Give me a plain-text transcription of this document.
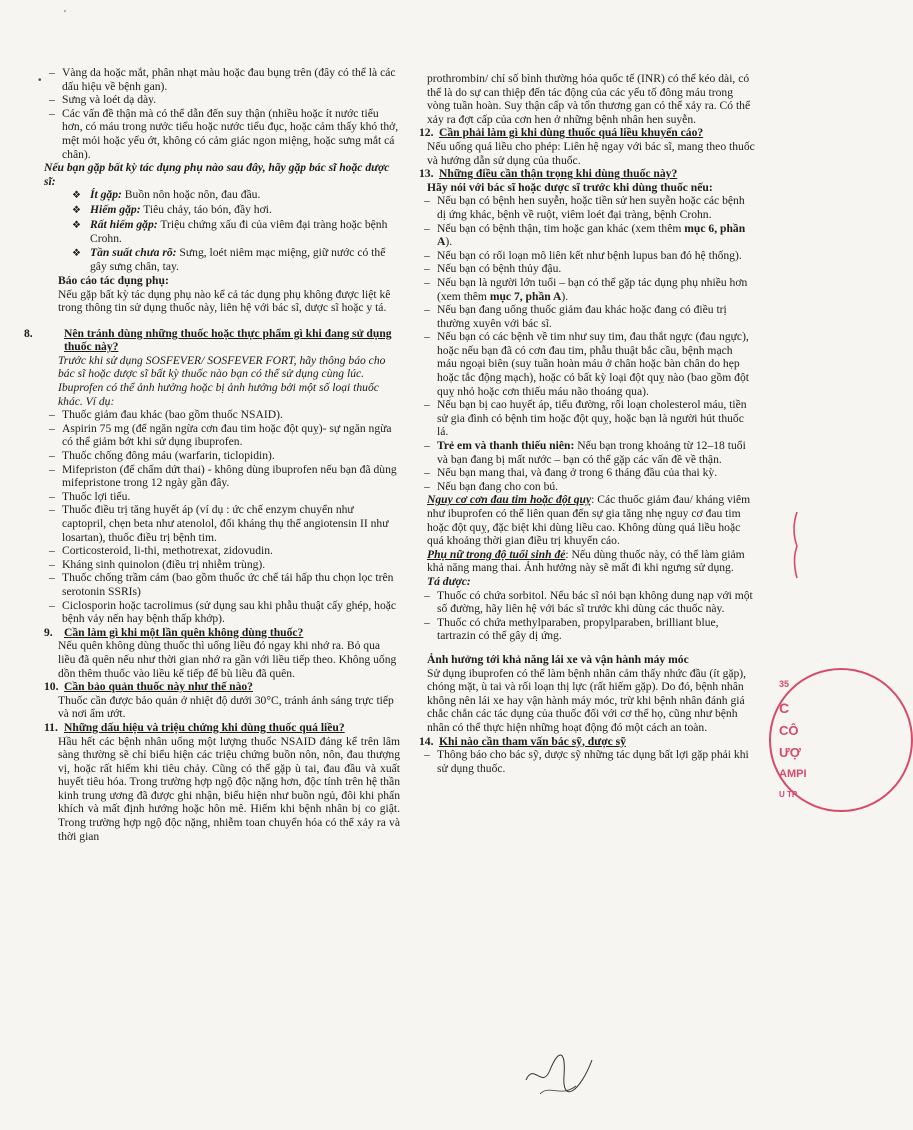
•
'

– Vàng da hoặc mắt, phân nhạt màu hoặc đau bụng trên (đây có thể là các dấu hiệu về bệnh gan).

– Sưng và loét dạ dày.

– Các vấn đề thận mà có thể dẫn đến suy thận (nhiều hoặc ít nước tiểu hơn, có máu trong nước tiểu hoặc nước tiểu đục, hoặc cảm thấy khó thở, mệt mỏi hoặc yếu ớt, không có cảm giác ngon miệng, hoặc sưng mắt cá chân).

Nếu bạn gặp bất kỳ tác dụng phụ nào sau đây, hãy gặp bác sĩ hoặc dược sĩ:

❖ Ít gặp: Buồn nôn hoặc nôn, đau đầu.

❖ Hiếm gặp: Tiêu chảy, táo bón, đầy hơi.

❖ Rất hiếm gặp: Triệu chứng xấu đi của viêm đại tràng hoặc bệnh Crohn.

❖ Tần suất chưa rõ: Sưng, loét niêm mạc miệng, giữ nước có thể gây sưng chân, tay.

Báo cáo tác dụng phụ:

Nếu gặp bất kỳ tác dụng phụ nào kể cả tác dụng phụ không được liệt kê trong thông tin sử dụng thuốc này, liên hệ với bác sĩ, dược sĩ hoặc y tá.

8.	Nên tránh dùng những thuốc hoặc thực phẩm gì khi đang sử dụng thuốc này?

Trước khi sử dụng SOSFEVER/ SOSFEVER FORT, hãy thông báo cho bác sĩ hoặc dược sĩ bất kỳ thuốc nào bạn có thể sử dụng cùng lúc. Ibuprofen có thể ảnh hưởng hoặc bị ảnh hưởng bởi một số loại thuốc khác. Ví dụ:

– Thuốc giảm đau khác (bao gồm thuốc NSAID).

– Aspirin 75 mg (để ngăn ngừa cơn đau tim hoặc đột quỵ)- sự ngăn ngừa có thể giảm bớt khi sử dụng ibuprofen.

– Thuốc chống đông máu (warfarin, ticlopidin).

– Mifepriston (để chấm dứt thai) - không dùng ibuprofen nếu bạn đã dùng mifepristone trong 12 ngày gần đây.

– Thuốc lợi tiểu.

– Thuốc điều trị tăng huyết áp (ví dụ : ức chế enzym chuyển như captopril, chẹn beta như atenolol, đối kháng thụ thể angiotensin II như losartan), thuốc điều trị bệnh tim.

– Corticosteroid, li-thi, methotrexat, zidovudin.

– Kháng sinh quinolon (điều trị nhiễm trùng).

– Thuốc chống trầm cảm (bao gồm thuốc ức chế tái hấp thu chọn lọc trên serotonin SSRIs)

– Ciclosporin hoặc tacrolimus (sử dụng sau khi phẫu thuật cấy ghép, hoặc bệnh vảy nến hay bệnh thấp khớp).

9. Cần làm gì khi một lần quên không dùng thuốc?

Nếu quên không dùng thuốc thì uống liều đó ngay khi nhớ ra. Bỏ qua liều đã quên nếu như thời gian nhớ ra gần với liều tiếp theo. Không uống dồn thêm thuốc vào liều kế tiếp để bù liều đã quên.

10. Cần bảo quản thuốc này như thế nào?

Thuốc cần được bảo quản ở nhiệt độ dưới 30°C, tránh ánh sáng trực tiếp và nơi ẩm ướt.

11. Những dấu hiệu và triệu chứng khi dùng thuốc quá liều?

Hầu hết các bệnh nhân uống một lượng thuốc NSAID đáng kể trên lâm sàng thường sẽ chỉ biểu hiện các triệu chứng buồn nôn, nôn, đau thượng vị, hoặc rất hiếm khi tiêu chảy. Cũng có thể gặp ù tai, đau đầu và xuất huyết tiêu hóa. Trong trường hợp ngộ độc nặng hơn, độc tính trên hệ thần kinh trung ương đã được ghi nhận, biểu hiện như buồn ngủ, đôi khi phấn khích và mất định hướng hoặc hôn mê. Hiếm khi bệnh nhân bị co giật. Trong trường hợp ngộ độc nặng, nhiễm toan chuyển hóa có thể xảy ra và thời gian

prothrombin/ chỉ số bình thường hóa quốc tế (INR) có thể kéo dài, có thể là do sự can thiệp đến tác động của các yếu tố đông máu trong vòng tuần hoàn. Suy thận cấp và tổn thương gan có thể xảy ra. Có thể xảy ra đợt cấp của cơn hen ở những bệnh nhân hen suyễn.

12. Cần phải làm gì khi dùng thuốc quá liều khuyến cáo?

Nếu uống quá liều cho phép: Liên hệ ngay với bác sĩ, mang theo thuốc và hướng dẫn sử dụng của thuốc.

13. Những điều cần thận trọng khi dùng thuốc này?

Hãy nói với bác sĩ hoặc dược sĩ trước khi dùng thuốc nếu:

– Nếu bạn có bệnh hen suyễn, hoặc tiền sử hen suyễn hoặc các bệnh dị ứng khác, bệnh về ruột, viêm loét đại tràng, bệnh Crohn.

– Nếu bạn có bệnh thận, tim hoặc gan khác (xem thêm mục 6, phần A).

– Nếu bạn có rối loạn mô liên kết như bệnh lupus ban đỏ hệ thống).

– Nếu bạn có bệnh thủy đậu.

– Nếu bạn là người lớn tuổi – bạn có thể gặp tác dụng phụ nhiều hơn (xem thêm mục 7, phần A).

– Nếu bạn đang uống thuốc giảm đau khác hoặc đang có điều trị thường xuyên với bác sĩ.

– Nếu bạn có các bệnh về tim như suy tim, đau thắt ngực (đau ngực), hoặc nếu bạn đã có cơn đau tim, phẫu thuật bắc cầu, bệnh mạch máu ngoại biên (suy tuần hoàn máu ở chân hoặc bàn chân do hẹp hoặc tắc động mạch), hoặc có bất kỳ loại đột quỵ nào (bao gồm đột quỵ nhỏ hoặc cơn thiếu máu não thoáng qua).

– Nếu bạn bị cao huyết áp, tiểu đường, rối loạn cholesterol máu, tiền sử gia đình có bệnh tim hoặc đột quỵ, hoặc bạn là người hút thuốc lá.

– Trẻ em và thanh thiếu niên: Nếu bạn trong khoảng từ 12–18 tuổi và bạn đang bị mất nước – bạn có thể gặp các vấn đề về thận.

– Nếu bạn mang thai, và đang ở trong 6 tháng đầu của thai kỳ.

– Nếu bạn đang cho con bú.

Nguy cơ cơn đau tim hoặc đột quỵ: Các thuốc giảm đau/ kháng viêm như ibuprofen có thể liên quan đến sự gia tăng nhẹ nguy cơ đau tim hoặc đột quỵ, đặc biệt khi dùng liều cao. Không dùng quá liều hoặc quá khoảng thời gian điều trị khuyến cáo.

Phụ nữ trong độ tuổi sinh đẻ: Nếu dùng thuốc này, có thể làm giảm khả năng mang thai. Ảnh hưởng này sẽ mất đi khi ngưng sử dụng.

Tá dược:

– Thuốc có chứa sorbitol. Nếu bác sĩ nói bạn không dung nạp với một số đường, hãy liên hệ với bác sĩ trước khi dùng các thuốc này.

– Thuốc có chứa methylparaben, propylparaben, brilliant blue, tartrazin có thể gây dị ứng.

Ảnh hưởng tới khả năng lái xe và vận hành máy móc

Sử dụng ibuprofen có thể làm bệnh nhân cảm thấy nhức đầu (ít gặp), chóng mặt, ù tai và rối loạn thị lực (rất hiếm gặp). Do đó, bệnh nhân không nên lái xe hay vận hành máy móc, trừ khi bệnh nhân đánh giá chắc chắn các tác dụng của thuốc đối với cơ thể họ, cũng như bệnh nhân có thể thực hiện những hoạt động đó một cách an toàn.

14. Khi nào cần tham vấn bác sỹ, dược sỹ

– Thông báo cho bác sỹ, dược sỹ những tác dụng bất lợi gặp phải khi sử dụng thuốc.

35
C
CÔ
ƯỢ
AMPI
U TP
